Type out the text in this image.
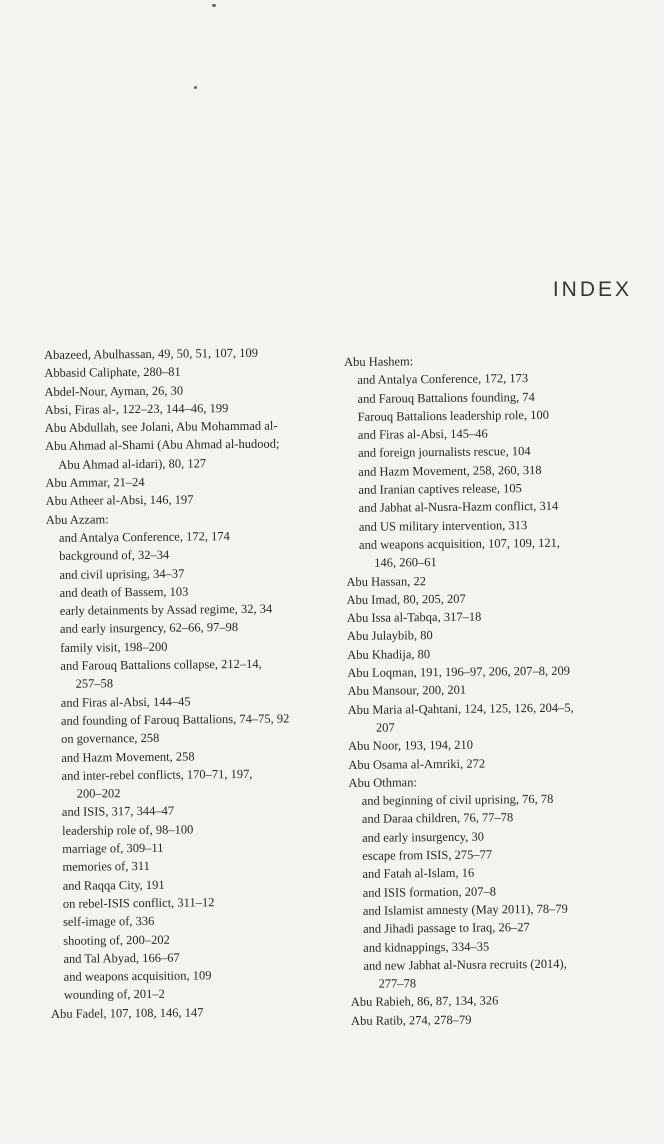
INDEX
Abazeed, Abulhassan, 49, 50, 51, 107, 109
Abbasid Caliphate, 280–81
Abdel-Nour, Ayman, 26, 30
Absi, Firas al-, 122–23, 144–46, 199
Abu Abdullah, see Jolani, Abu Mohammad al-
Abu Ahmad al-Shami (Abu Ahmad al-hudood;
Abu Ahmad al-idari), 80, 127
Abu Ammar, 21–24
Abu Atheer al-Absi, 146, 197
Abu Azzam:
and Antalya Conference, 172, 174
background of, 32–34
and civil uprising, 34–37
and death of Bassem, 103
early detainments by Assad regime, 32, 34
and early insurgency, 62–66, 97–98
family visit, 198–200
and Farouq Battalions collapse, 212–14,
257–58
and Firas al-Absi, 144–45
and founding of Farouq Battalions, 74–75, 92
on governance, 258
and Hazm Movement, 258
and inter-rebel conflicts, 170–71, 197,
200–202
and ISIS, 317, 344–47
leadership role of, 98–100
marriage of, 309–11
memories of, 311
and Raqqa City, 191
on rebel-ISIS conflict, 311–12
self-image of, 336
shooting of, 200–202
and Tal Abyad, 166–67
and weapons acquisition, 109
wounding of, 201–2
Abu Fadel, 107, 108, 146, 147
Abu Hashem:
and Antalya Conference, 172, 173
and Farouq Battalions founding, 74
Farouq Battalions leadership role, 100
and Firas al-Absi, 145–46
and foreign journalists rescue, 104
and Hazm Movement, 258, 260, 318
and Iranian captives release, 105
and Jabhat al-Nusra-Hazm conflict, 314
and US military intervention, 313
and weapons acquisition, 107, 109, 121,
146, 260–61
Abu Hassan, 22
Abu Imad, 80, 205, 207
Abu Issa al-Tabqa, 317–18
Abu Julaybib, 80
Abu Khadija, 80
Abu Loqman, 191, 196–97, 206, 207–8, 209
Abu Mansour, 200, 201
Abu Maria al-Qahtani, 124, 125, 126, 204–5,
207
Abu Noor, 193, 194, 210
Abu Osama al-Amriki, 272
Abu Othman:
and beginning of civil uprising, 76, 78
and Daraa children, 76, 77–78
and early insurgency, 30
escape from ISIS, 275–77
and Fatah al-Islam, 16
and ISIS formation, 207–8
and Islamist amnesty (May 2011), 78–79
and Jihadi passage to Iraq, 26–27
and kidnappings, 334–35
and new Jabhat al-Nusra recruits (2014),
277–78
Abu Rabieh, 86, 87, 134, 326
Abu Ratib, 274, 278–79
